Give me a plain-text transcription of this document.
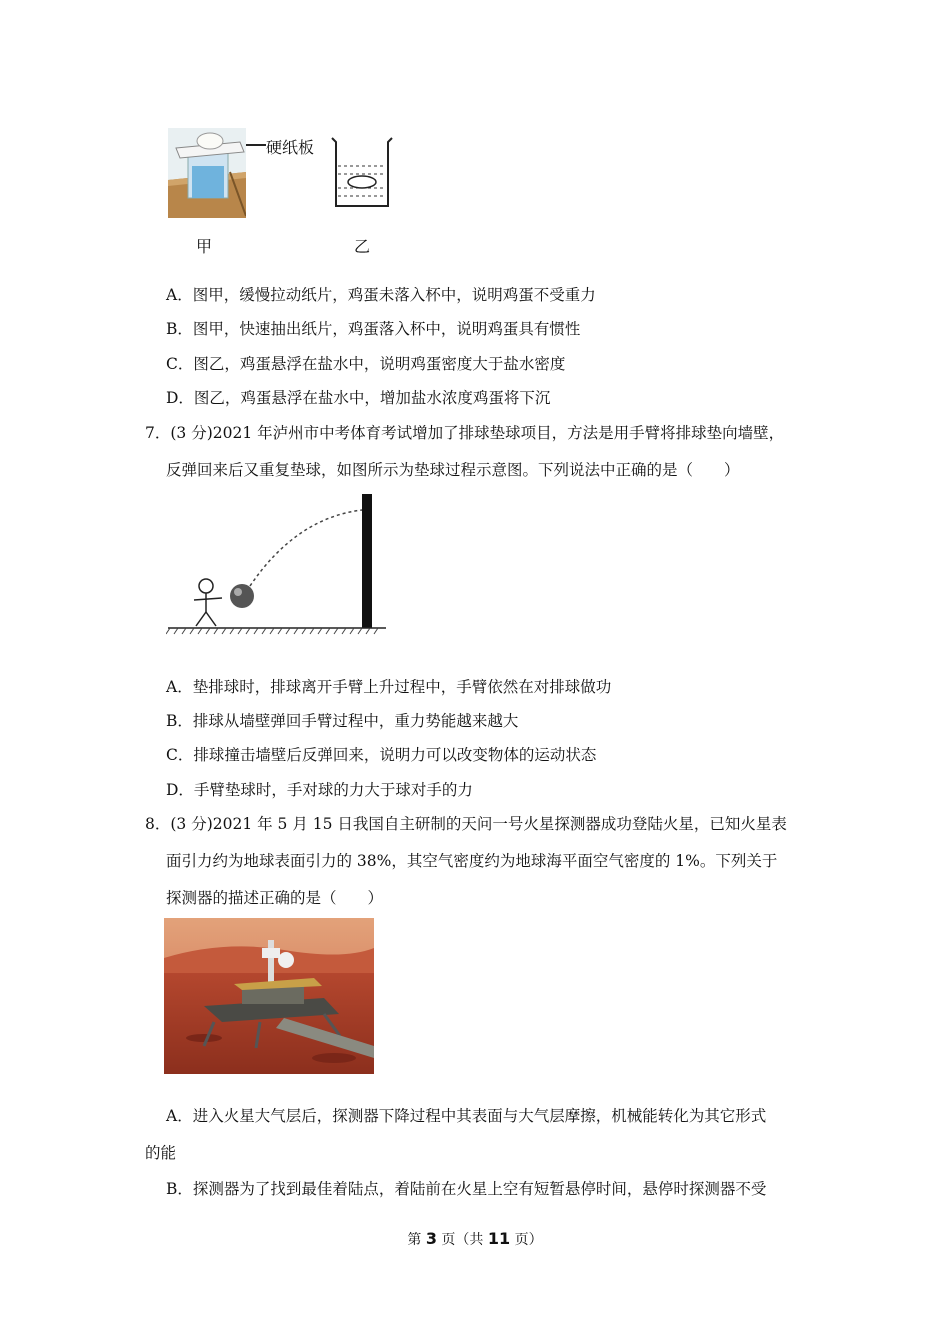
硬纸板
甲	乙
A．图甲，缓慢拉动纸片，鸡蛋未落入杯中，说明鸡蛋不受重力
B．图甲，快速抽出纸片，鸡蛋落入杯中，说明鸡蛋具有惯性
C．图乙，鸡蛋悬浮在盐水中，说明鸡蛋密度大于盐水密度
D．图乙，鸡蛋悬浮在盐水中，增加盐水浓度鸡蛋将下沉
7．(3 分)2021 年泸州市中考体育考试增加了排球垫球项目，方法是用手臂将排球垫向墙壁，
反弹回来后又重复垫球，如图所示为垫球过程示意图。下列说法中正确的是（　　）
A．垫排球时，排球离开手臂上升过程中，手臂依然在对排球做功
B．排球从墙壁弹回手臂过程中，重力势能越来越大
C．排球撞击墙壁后反弹回来，说明力可以改变物体的运动状态
D．手臂垫球时，手对球的力大于球对手的力
8．(3 分)2021 年 5 月 15 日我国自主研制的天问一号火星探测器成功登陆火星，已知火星表
面引力约为地球表面引力的 38%，其空气密度约为地球海平面空气密度的 1%。下列关于
探测器的描述正确的是（　　）
A．进入火星大气层后，探测器下降过程中其表面与大气层摩擦，机械能转化为其它形式
的能
B．探测器为了找到最佳着陆点，着陆前在火星上空有短暂悬停时间，悬停时探测器不受
第 3 页（共 11 页）
